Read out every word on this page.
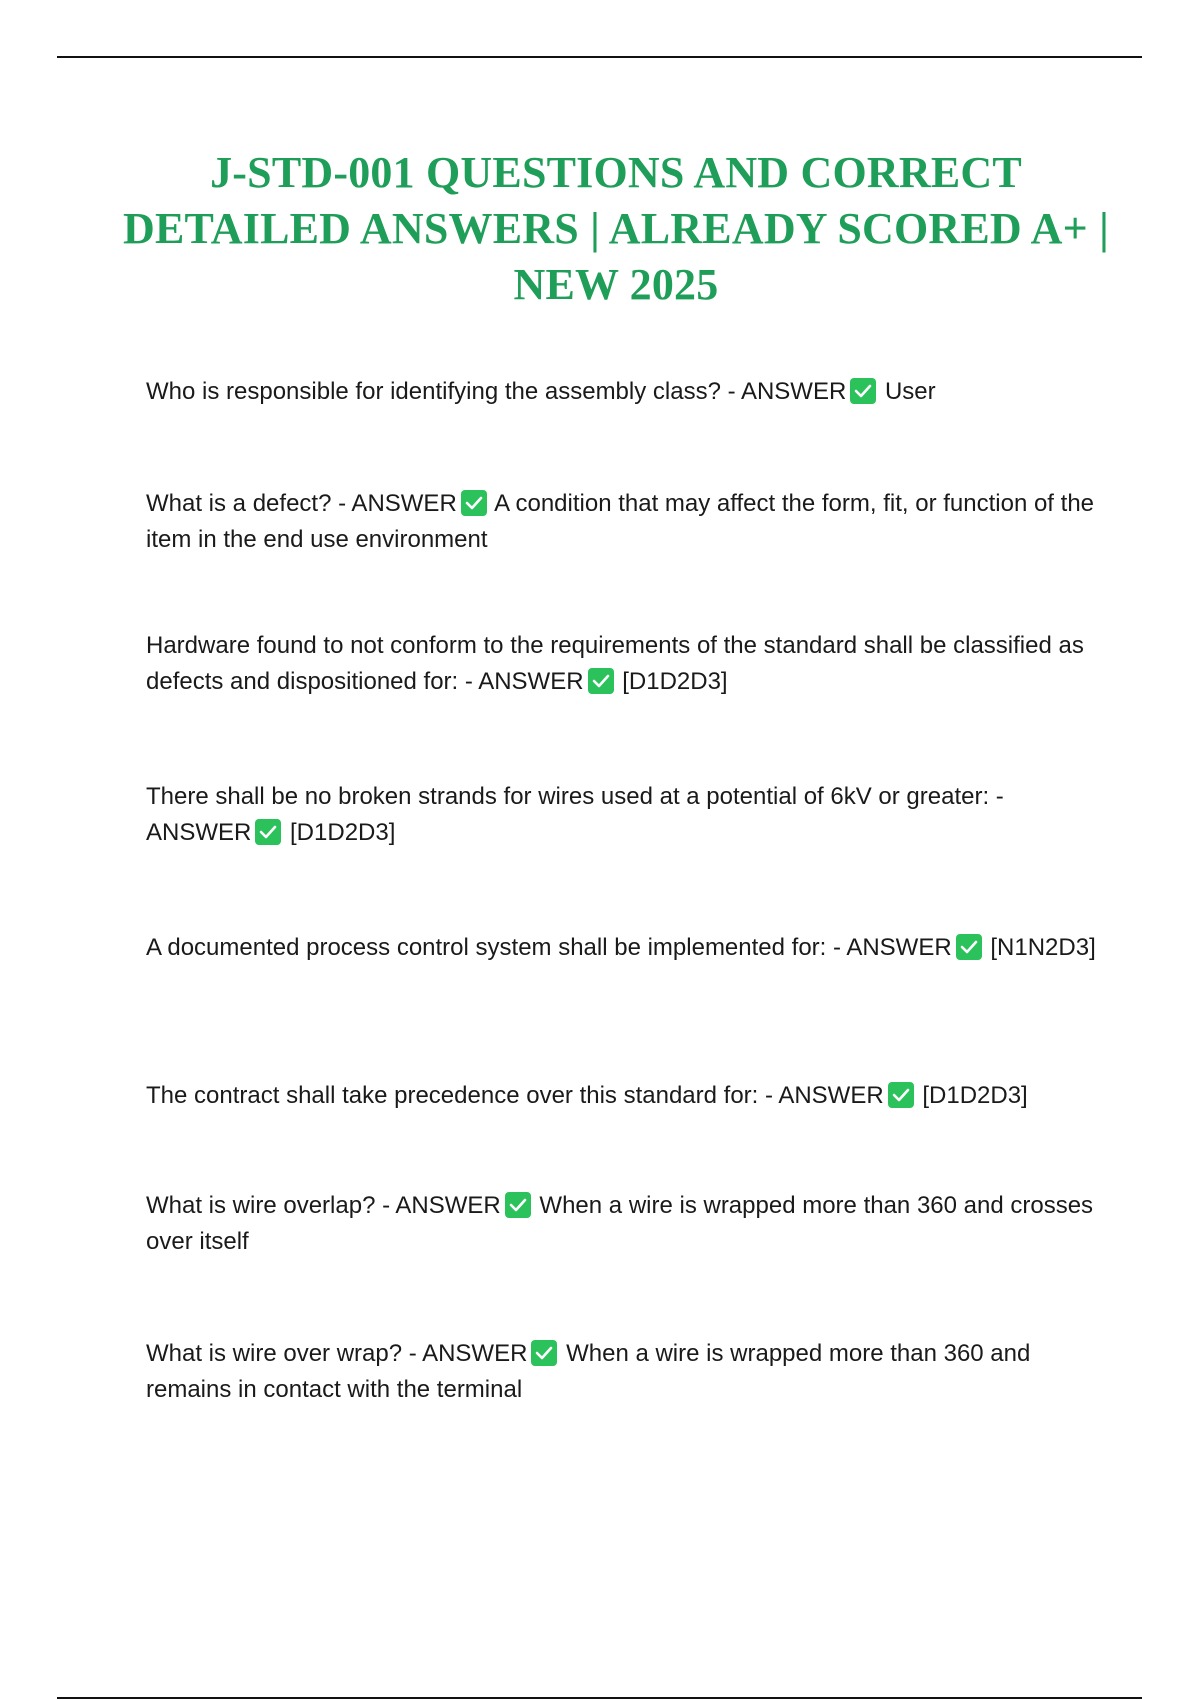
J-STD-001 QUESTIONS AND CORRECT DETAILED ANSWERS | ALREADY SCORED A+ | NEW 2025

Who is responsible for identifying the assembly class? - ANSWER
User

What is a defect? - ANSWER
A condition that may affect the form, fit, or function of the item in the end use environment

Hardware found to not conform to the requirements of the standard shall be classified as defects and dispositioned for: - ANSWER
[D1D2D3]

There shall be no broken strands for wires used at a potential of 6kV or greater: - ANSWER
[D1D2D3]

A documented process control system shall be implemented for: - ANSWER
[N1N2D3]

The contract shall take precedence over this standard for: - ANSWER
[D1D2D3]

What is wire overlap? - ANSWER
When a wire is wrapped more than 360 and crosses over itself

What is wire over wrap? - ANSWER
When a wire is wrapped more than 360 and remains in contact with the terminal
